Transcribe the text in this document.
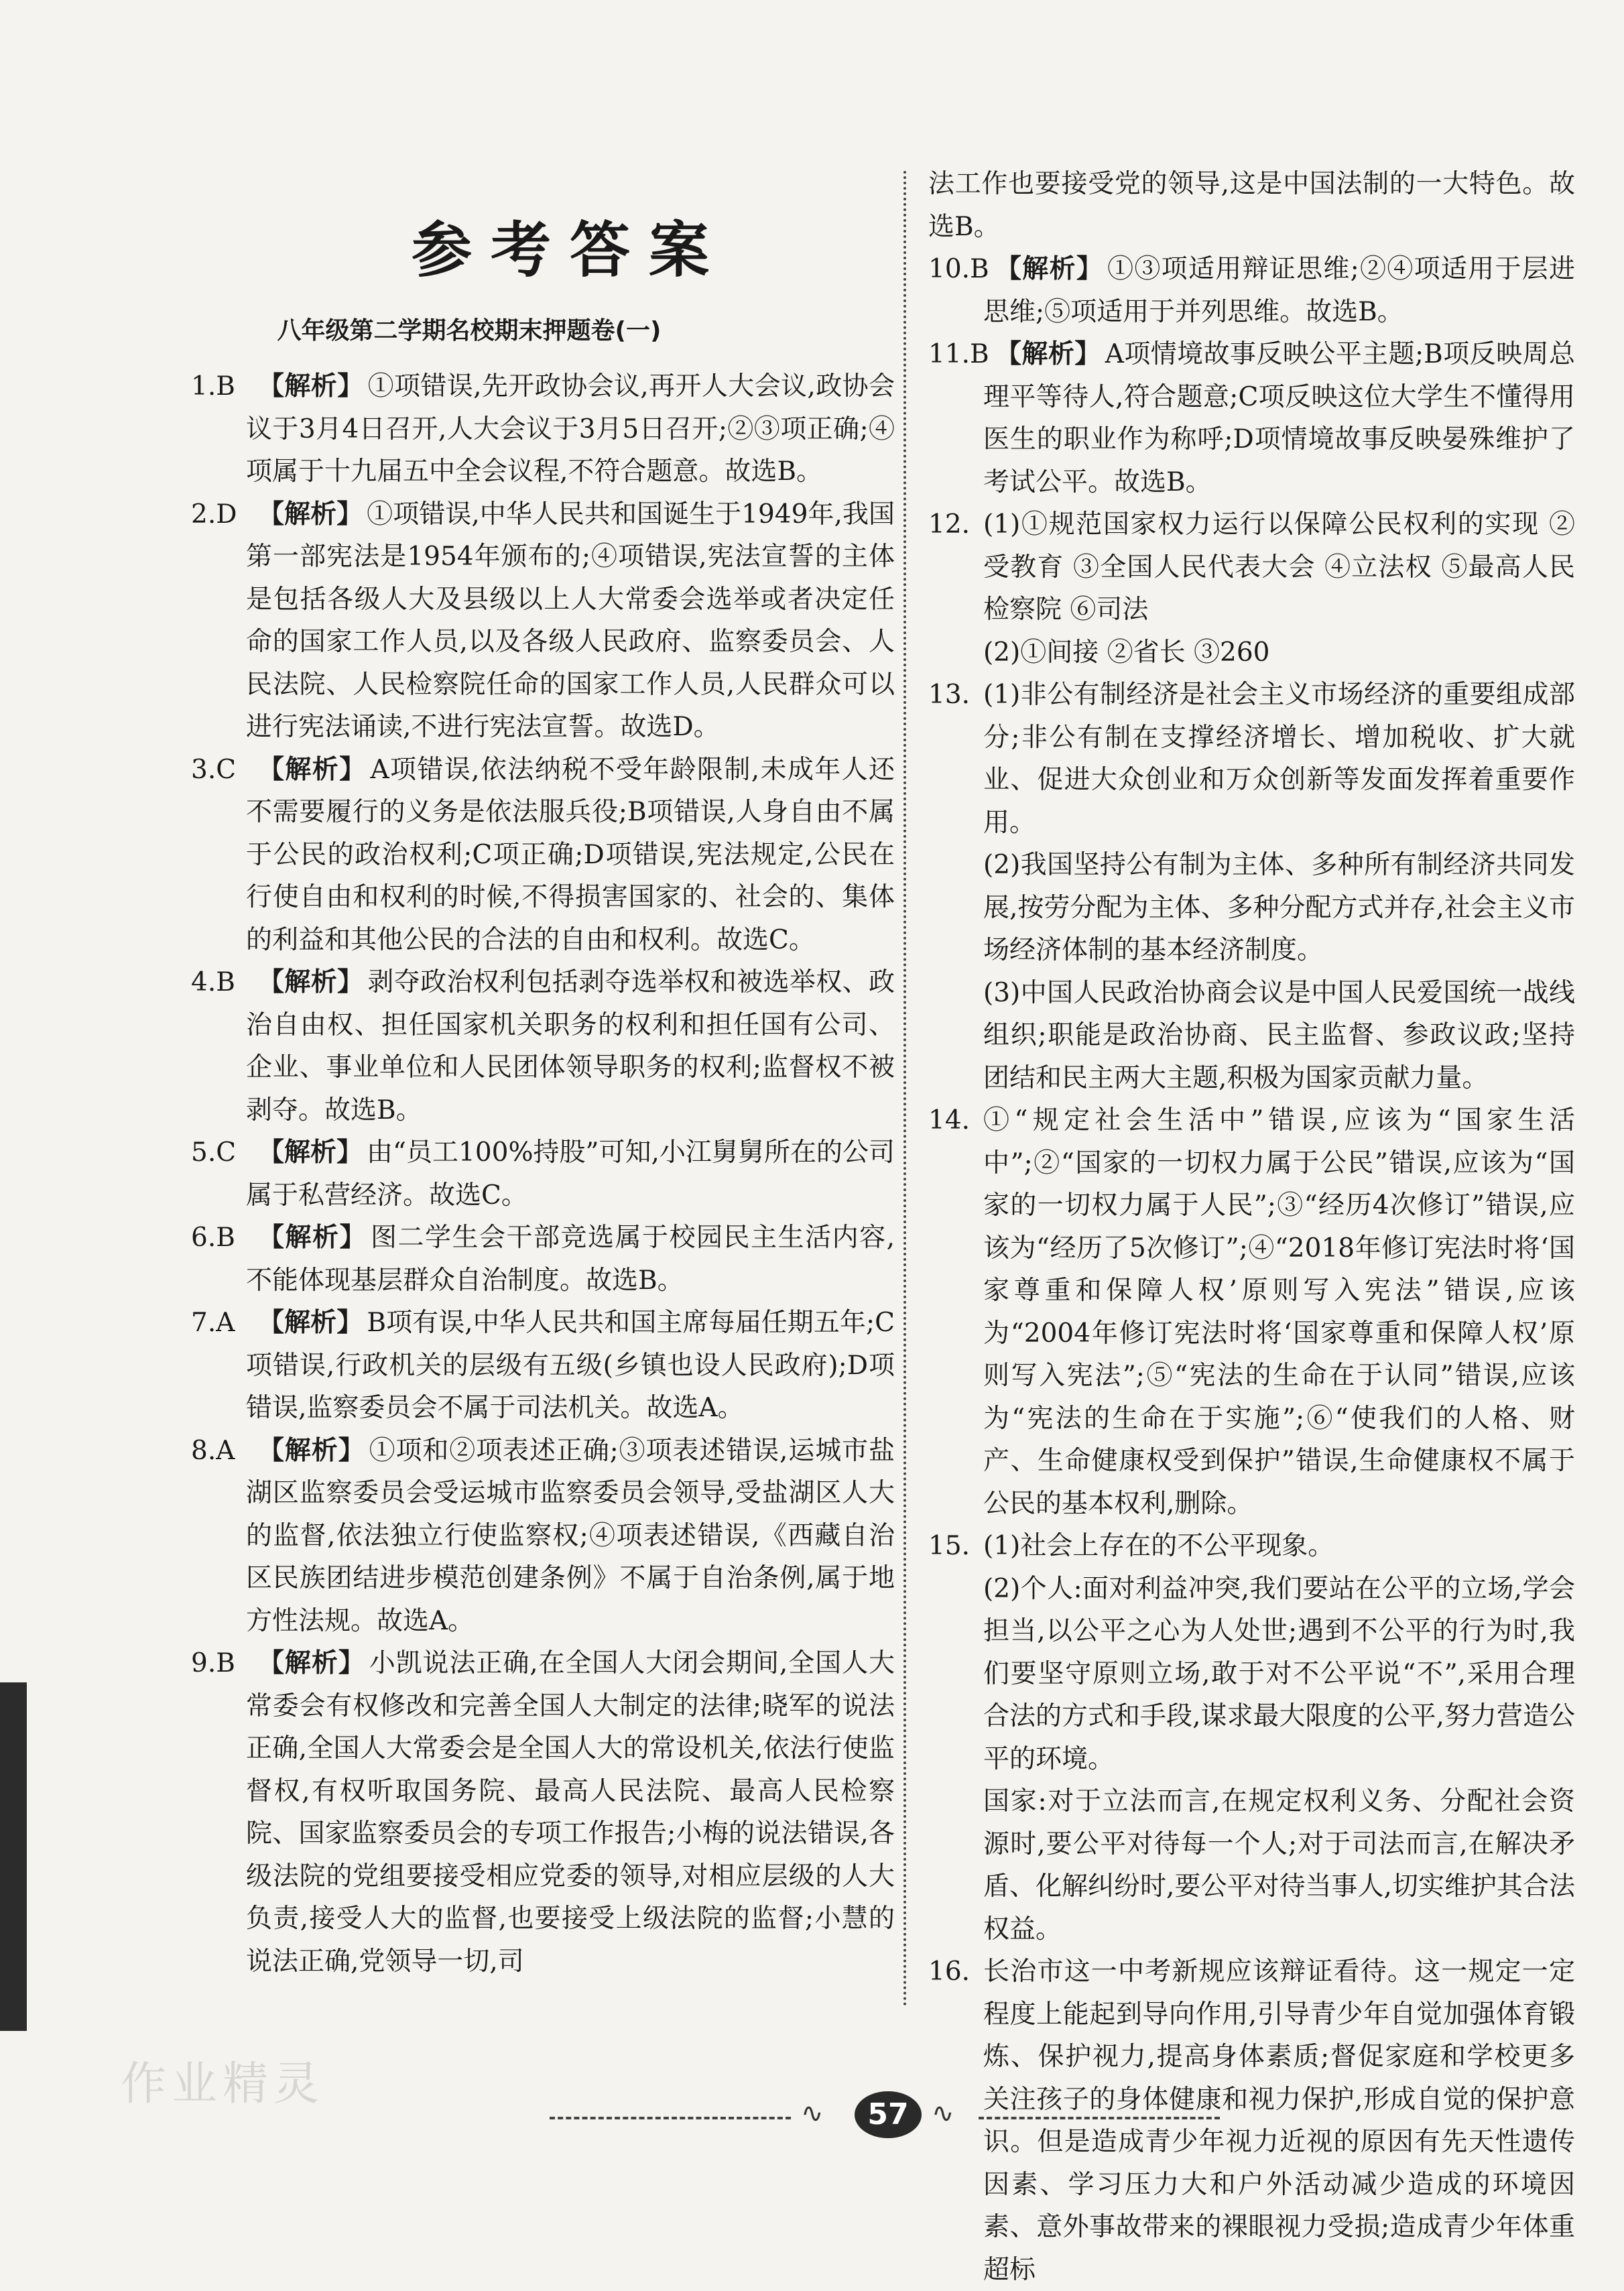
参考答案
八年级第二学期名校期末押题卷(一)
1.B 【解析】 ①项错误,先开政协会议,再开人大会议,政协会议于3月4日召开,人大会议于3月5日召开;②③项正确;④项属于十九届五中全会议程,不符合题意。故选B。
2.D 【解析】 ①项错误,中华人民共和国诞生于1949年,我国第一部宪法是1954年颁布的;④项错误,宪法宣誓的主体是包括各级人大及县级以上人大常委会选举或者决定任命的国家工作人员,以及各级人民政府、监察委员会、人民法院、人民检察院任命的国家工作人员,人民群众可以进行宪法诵读,不进行宪法宣誓。故选D。
3.C 【解析】 A项错误,依法纳税不受年龄限制,未成年人还不需要履行的义务是依法服兵役;B项错误,人身自由不属于公民的政治权利;C项正确;D项错误,宪法规定,公民在行使自由和权利的时候,不得损害国家的、社会的、集体的利益和其他公民的合法的自由和权利。故选C。
4.B 【解析】 剥夺政治权利包括剥夺选举权和被选举权、政治自由权、担任国家机关职务的权利和担任国有公司、企业、事业单位和人民团体领导职务的权利;监督权不被剥夺。故选B。
5.C 【解析】 由“员工100%持股”可知,小江舅舅所在的公司属于私营经济。故选C。
6.B 【解析】 图二学生会干部竞选属于校园民主生活内容,不能体现基层群众自治制度。故选B。
7.A 【解析】 B项有误,中华人民共和国主席每届任期五年;C项错误,行政机关的层级有五级(乡镇也设人民政府);D项错误,监察委员会不属于司法机关。故选A。
8.A 【解析】 ①项和②项表述正确;③项表述错误,运城市盐湖区监察委员会受运城市监察委员会领导,受盐湖区人大的监督,依法独立行使监察权;④项表述错误,《西藏自治区民族团结进步模范创建条例》不属于自治条例,属于地方性法规。故选A。
9.B 【解析】 小凯说法正确,在全国人大闭会期间,全国人大常委会有权修改和完善全国人大制定的法律;晓军的说法正确,全国人大常委会是全国人大的常设机关,依法行使监督权,有权听取国务院、最高人民法院、最高人民检察院、国家监察委员会的专项工作报告;小梅的说法错误,各级法院的党组要接受相应党委的领导,对相应层级的人大负责,接受人大的监督,也要接受上级法院的监督;小慧的说法正确,党领导一切,司
法工作也要接受党的领导,这是中国法制的一大特色。故选B。
10.B 【解析】 ①③项适用辩证思维;②④项适用于层进思维;⑤项适用于并列思维。故选B。
11.B 【解析】 A项情境故事反映公平主题;B项反映周总理平等待人,符合题意;C项反映这位大学生不懂得用医生的职业作为称呼;D项情境故事反映晏殊维护了考试公平。故选B。
12. (1)①规范国家权力运行以保障公民权利的实现 ②受教育 ③全国人民代表大会 ④立法权 ⑤最高人民检察院 ⑥司法
(2)①间接 ②省长 ③260
13. (1)非公有制经济是社会主义市场经济的重要组成部分;非公有制在支撑经济增长、增加税收、扩大就业、促进大众创业和万众创新等发面发挥着重要作用。
(2)我国坚持公有制为主体、多种所有制经济共同发展,按劳分配为主体、多种分配方式并存,社会主义市场经济体制的基本经济制度。
(3)中国人民政治协商会议是中国人民爱国统一战线组织;职能是政治协商、民主监督、参政议政;坚持团结和民主两大主题,积极为国家贡献力量。
14. ①“规定社会生活中”错误,应该为“国家生活中”;②“国家的一切权力属于公民”错误,应该为“国家的一切权力属于人民”;③“经历4次修订”错误,应该为“经历了5次修订”;④“2018年修订宪法时将‘国家尊重和保障人权’原则写入宪法”错误,应该为“2004年修订宪法时将‘国家尊重和保障人权’原则写入宪法”;⑤“宪法的生命在于认同”错误,应该为“宪法的生命在于实施”;⑥“使我们的人格、财产、生命健康权受到保护”错误,生命健康权不属于公民的基本权利,删除。
15. (1)社会上存在的不公平现象。
(2)个人:面对利益冲突,我们要站在公平的立场,学会担当,以公平之心为人处世;遇到不公平的行为时,我们要坚守原则立场,敢于对不公平说“不”,采用合理合法的方式和手段,谋求最大限度的公平,努力营造公平的环境。
国家:对于立法而言,在规定权利义务、分配社会资源时,要公平对待每一个人;对于司法而言,在解决矛盾、化解纠纷时,要公平对待当事人,切实维护其合法权益。
16. 长治市这一中考新规应该辩证看待。这一规定一定程度上能起到导向作用,引导青少年自觉加强体育锻炼、保护视力,提高身体素质;督促家庭和学校更多关注孩子的身体健康和视力保护,形成自觉的保护意识。但是造成青少年视力近视的原因有先天性遗传因素、学习压力大和户外活动减少造成的环境因素、意外事故带来的裸眼视力受损;造成青少年体重超标
∿	57 ∿
作业精灵
